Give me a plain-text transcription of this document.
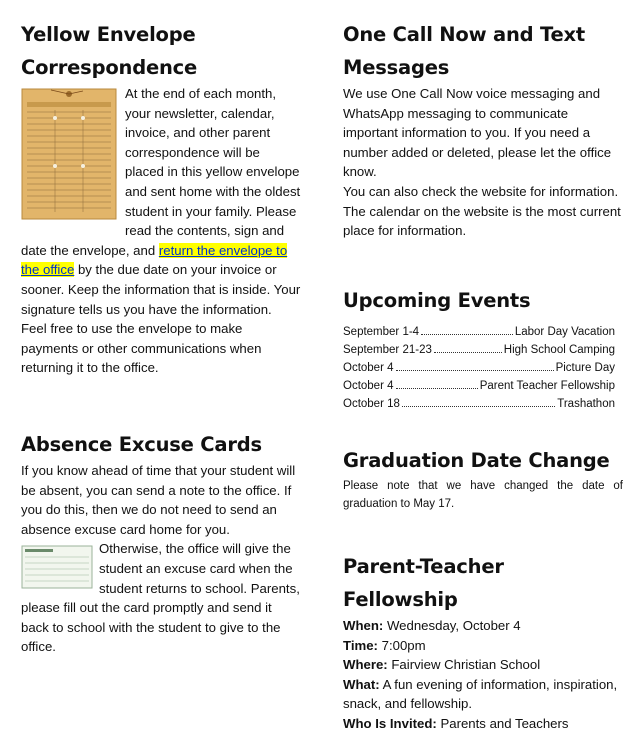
Yellow Envelope Correspondence

At the end of each month, your newsletter, calendar, invoice, and other parent correspondence will be placed in this yellow envelope and sent home with the oldest student in your family. Please read the contents, sign and date the envelope, and return the envelope to the office by the due date on your invoice or sooner. Keep the information that is inside. Your signature tells us you have the information. Feel free to use the envelope to make payments or other communications when returning it to the office.

Absence Excuse Cards

If you know ahead of time that your student will be absent, you can send a note to the office. If you do this, then we do not need to send an absence excuse card home for you.

Otherwise, the office will give the student an excuse card when the student returns to school. Parents, please fill out the card promptly and send it back to school with the student to give to the office.

One Call Now and Text Messages

We use One Call Now voice messaging and WhatsApp messaging to communicate important information to you. If you need a number added or deleted, please let the office know.

You can also check the website for information. The calendar on the website is the most current place for information.

Upcoming Events
September 1-4	Labor Day Vacation
September 21-23	High School Camping
October 4	Picture Day
October 4	Parent Teacher Fellowship
October 18	Trashathon
Graduation Date Change

Please note that we have changed the date of graduation to May 17.

Parent-Teacher Fellowship

When: Wednesday, October 4

Time: 7:00pm

Where: Fairview Christian School

What: A fun evening of information, inspiration, snack, and fellowship.

Who Is Invited: Parents and Teachers
